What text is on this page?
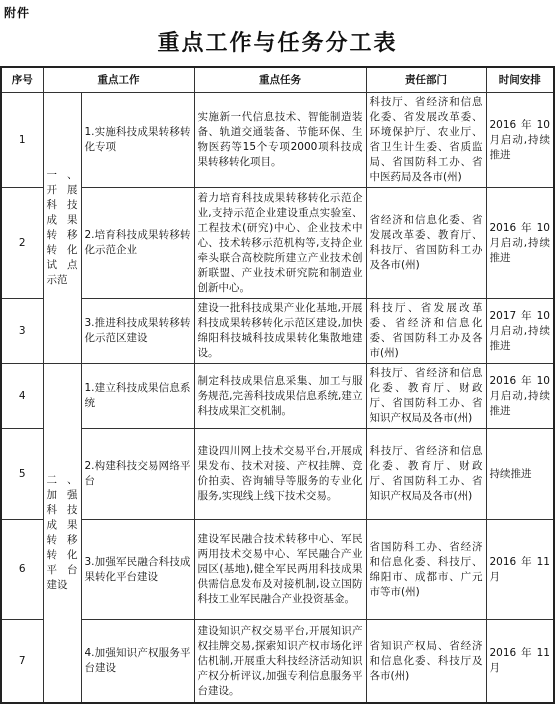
附件
重点工作与任务分工表
序号	重点工作		重点任务	责任部门	时间安排
1	一、开展科技成果转移转化试点示范	1.实施科技成果转移转化专项	实施新一代信息技术、智能制造装备、轨道交通装备、节能环保、生物医药等15个专项2000项科技成果转移转化项目。	科技厅、省经济和信息化委、省发展改革委、环境保护厅、农业厅、省卫生计生委、省质监局、省国防科工办、省中医药局及各市(州)	2016年10月启动,持续推进
2		2.培育科技成果转移转化示范企业	着力培育科技成果转移转化示范企业,支持示范企业建设重点实验室、工程技术(研究)中心、企业技术中心、技术转移示范机构等,支持企业牵头联合高校院所建立产业技术创新联盟、产业技术研究院和制造业创新中心。	省经济和信息化委、省发展改革委、教育厅、科技厅、省国防科工办及各市(州)	2016年10月启动,持续推进
3		3.推进科技成果转移转化示范区建设	建设一批科技成果产业化基地,开展科技成果转移转化示范区建设,加快绵阳科技城科技成果转化集散地建设。	科技厅、省发展改革委、省经济和信息化委、省国防科工办及各市(州)	2017年10月启动,持续推进
4	二、加强科技成果转移转化平台建设	1.建立科技成果信息系统	制定科技成果信息采集、加工与服务规范,完善科技成果信息系统,建立科技成果汇交机制。	科技厅、省经济和信息化委、教育厅、财政厅、省国防科工办、省知识产权局及各市(州)	2016年10月启动,持续推进
5		2.构建科技交易网络平台	建设四川网上技术交易平台,开展成果发布、技术对接、产权挂牌、竞价拍卖、咨询辅导等服务的专业化服务,实现线上线下技术交易。	科技厅、省经济和信息化委、教育厅、财政厅、省国防科工办、省知识产权局及各市(州)	持续推进
6		3.加强军民融合科技成果转化平台建设	建设军民融合技术转移中心、军民两用技术交易中心、军民融合产业园区(基地),健全军民两用科技成果供需信息发布及对接机制,设立国防科技工业军民融合产业投资基金。	省国防科工办、省经济和信息化委、科技厅、绵阳市、成都市、广元市等市(州)	2016年11月
7		4.加强知识产权服务平台建设	建设知识产权交易平台,开展知识产权挂牌交易,探索知识产权市场化评估机制,开展重大科技经济活动知识产权分析评议,加强专利信息服务平台建设。	省知识产权局、省经济和信息化委、科技厅及各市(州)	2016年11月
